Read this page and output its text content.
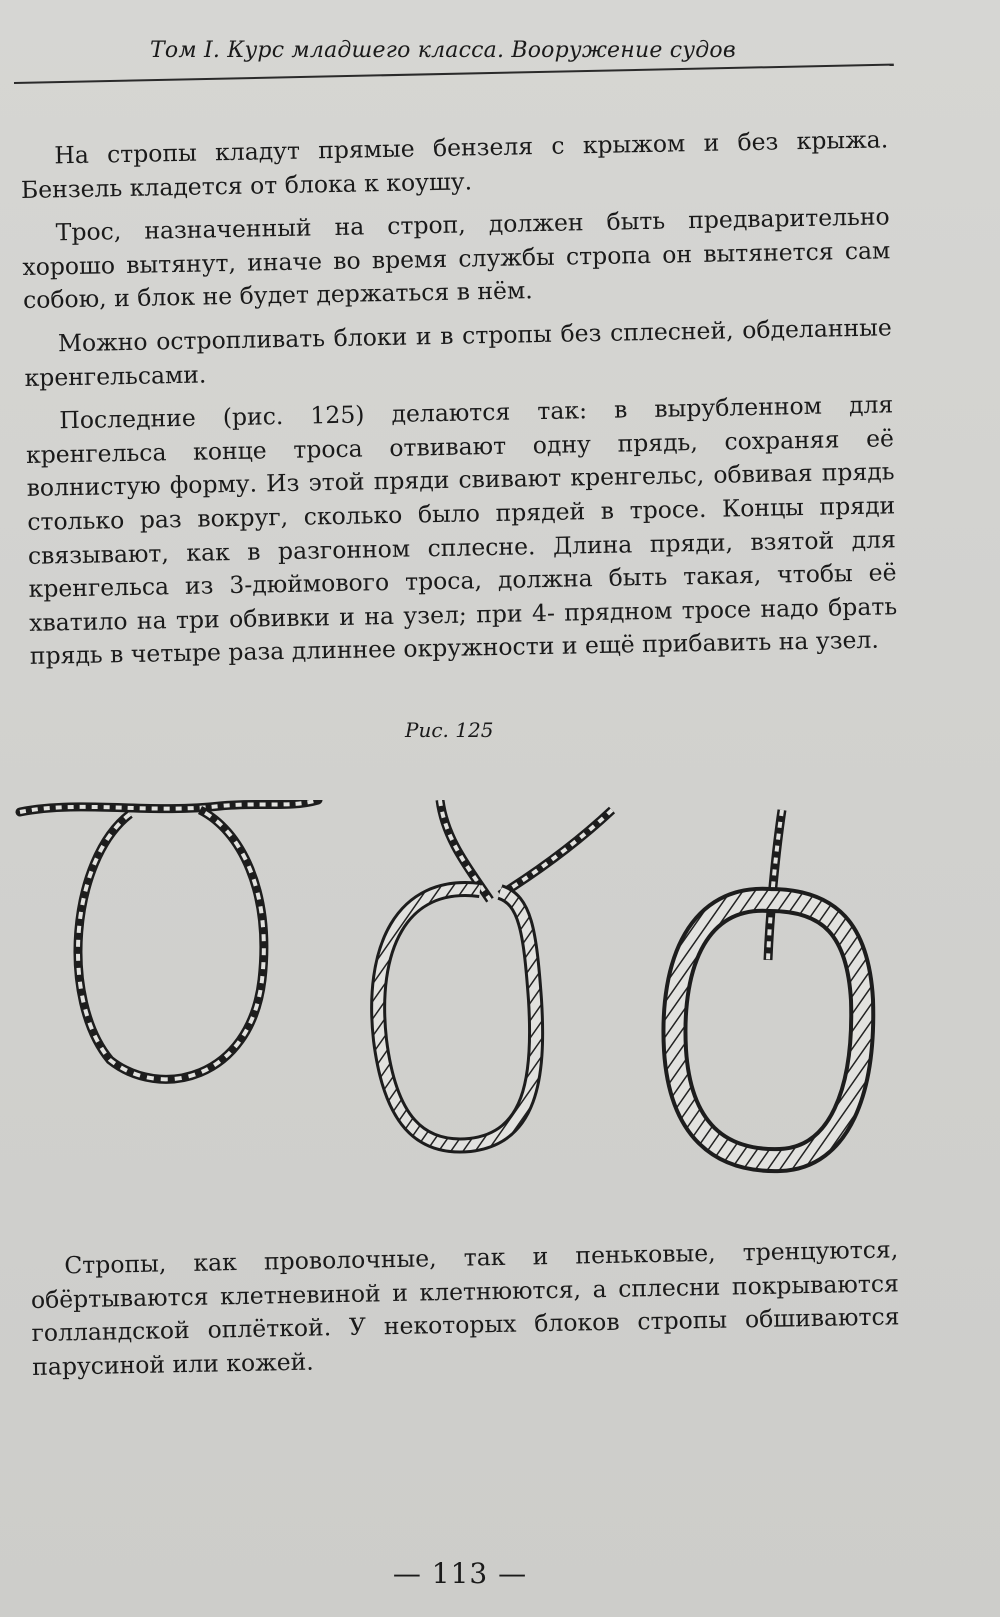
Том I. Курс младшего класса. Вооружение судов

На стропы кладут прямые бензеля с крыжом и без крыжа. Бензель кладется от блока к коушу.

Трос, назначенный на строп, должен быть предварительно хорошо вытянут, иначе во время службы стропа он вытянется сам собою, и блок не будет держаться в нём.

Можно остропливать блоки и в стропы без сплесней, обделанные кренгельсами.

Последние (рис. 125) делаются так: в вырубленном для кренгельса конце троса отвивают одну прядь, сохраняя её волнистую форму. Из этой пряди свивают кренгельс, обвивая прядь столько раз вокруг, сколько было прядей в тросе. Концы пряди связывают, как в разгонном сплесне. Длина пряди, взятой для кренгельса из 3-дюймового троса, должна быть такая, чтобы её хватило на три обвивки и на узел; при 4- прядном тросе надо брать прядь в четыре раза длиннее окружности и ещё прибавить на узел.

Рис. 125

Стропы, как проволочные, так и пеньковые, тренцуются, обёртываются клетневиной и клетнюются, а сплесни покрываются голландской оплёткой. У некоторых блоков стропы обшиваются парусиной или кожей.

— 113 —
